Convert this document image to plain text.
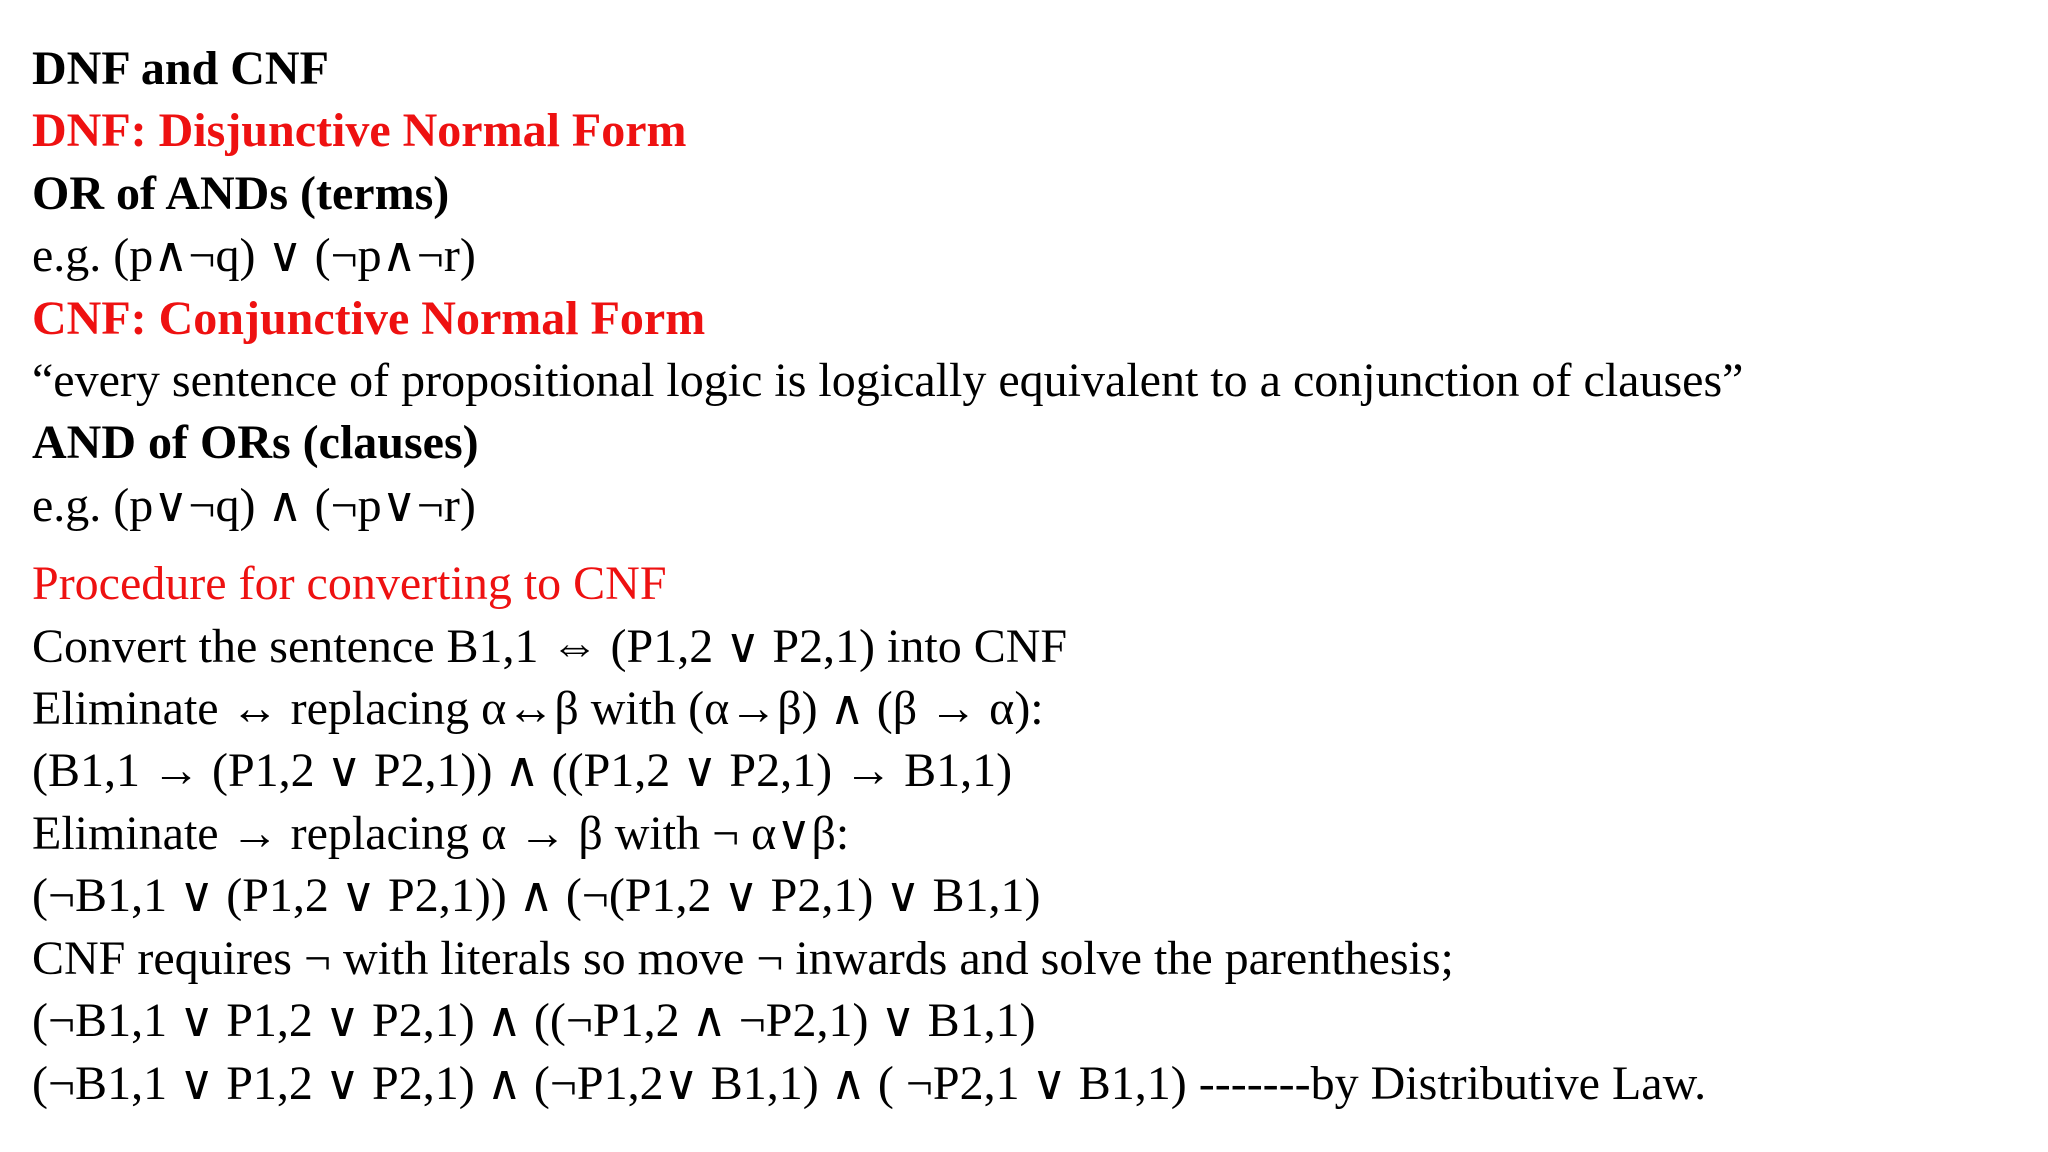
DNF and CNF

DNF: Disjunctive Normal Form

OR of ANDs (terms)

e.g. (p∧¬q) ∨ (¬p∧¬r)

CNF: Conjunctive Normal Form

“every sentence of propositional logic is logically equivalent to a conjunction of clauses”

AND of ORs (clauses)

e.g. (p∨¬q) ∧ (¬p∨¬r)

Procedure for converting to CNF

Convert the sentence B1,1 ⇔ (P1,2 ∨ P2,1) into CNF

Eliminate ↔ replacing α↔β with (α→β) ∧ (β → α):

(B1,1 → (P1,2 ∨ P2,1)) ∧ ((P1,2 ∨ P2,1) → B1,1)

Eliminate → replacing α → β with ¬ α∨β:

(¬B1,1 ∨ (P1,2 ∨ P2,1)) ∧ (¬(P1,2 ∨ P2,1) ∨ B1,1)

CNF requires ¬ with literals so move ¬ inwards and solve the parenthesis;

(¬B1,1 ∨ P1,2 ∨ P2,1) ∧ ((¬P1,2 ∧ ¬P2,1) ∨ B1,1)

(¬B1,1 ∨ P1,2 ∨ P2,1) ∧ (¬P1,2∨ B1,1) ∧ ( ¬P2,1 ∨ B1,1) -------by Distributive Law.
